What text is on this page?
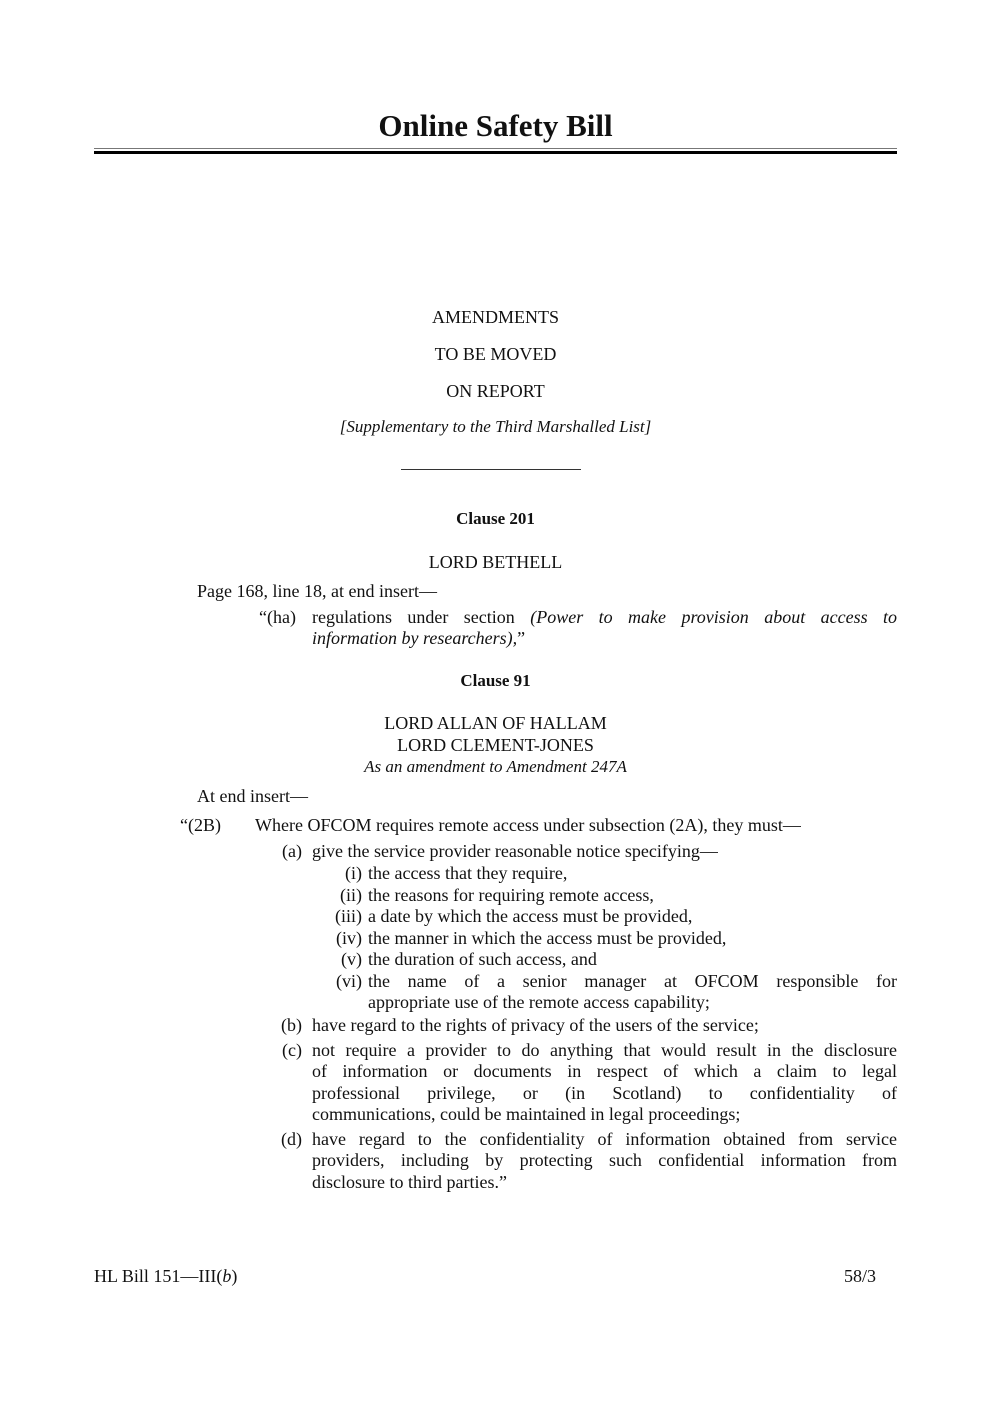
Online Safety Bill
AMENDMENTS
TO BE MOVED
ON REPORT
[Supplementary to the Third Marshalled List]
Clause 201
LORD BETHELL
Page 168, line 18, at end insert—
“(ha) regulations under section (Power to make provision about access to
information by researchers),”
Clause 91
LORD ALLAN OF HALLAM
LORD CLEMENT-JONES
As an amendment to Amendment 247A
At end insert—
“(2B) Where OFCOM requires remote access under subsection (2A), they must—
(a) give the service provider reasonable notice specifying—
(i) the access that they require,
(ii) the reasons for requiring remote access,
(iii) a date by which the access must be provided,
(iv) the manner in which the access must be provided,
(v) the duration of such access, and
(vi) the name of a senior manager at OFCOM responsible for
appropriate use of the remote access capability;
(b) have regard to the rights of privacy of the users of the service;
(c) not require a provider to do anything that would result in the disclosure
of information or documents in respect of which a claim to legal
professional privilege, or (in Scotland) to confidentiality of
communications, could be maintained in legal proceedings;
(d) have regard to the confidentiality of information obtained from service
providers, including by protecting such confidential information from
disclosure to third parties.”
HL Bill 151—III(b)	58/3
